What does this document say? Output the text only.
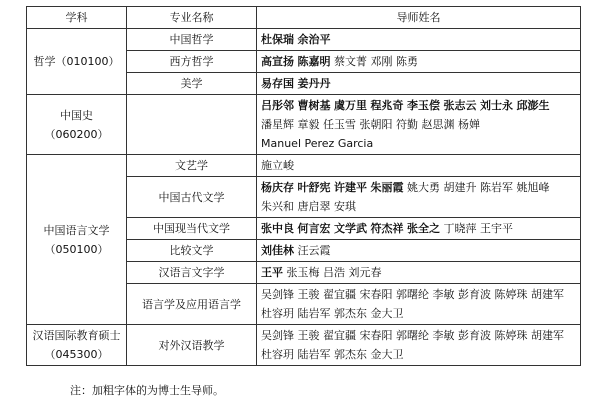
学科	专业名称	导师姓名
哲学（010100）	中国哲学	杜保瑞 余治平
	西方哲学	高宣扬 陈嘉明 蔡文菁 邓刚 陈勇
	美学	易存国 姜丹丹
中国史（060200）		吕彤邻 曹树基 虞万里 程兆奇 李玉偿 张志云 刘士永 邱澎生 潘星辉 章毅 任玉雪 张朝阳 符勤 赵思渊 杨婵 Manuel Perez Garcia
中国语言文学（050100）	文艺学	施立峻
	中国古代文学	杨庆存 叶舒宪 许建平 朱丽霞 姚大勇 胡建升 陈岩军 姚旭峰 朱兴和 唐启翠 安琪
	中国现当代文学	张中良 何言宏 文学武 符杰祥 张全之 丁晓萍 王宇平
	比较文学	刘佳林 汪云霞
	汉语言文字学	王平 张玉梅 吕浩 刘元春
	语言学及应用语言学	吴剑锋 王骏 翟宜疆 宋春阳 郭曙纶 李敏 彭育波 陈婷珠 胡建军 杜容玥 陆岩军 郭杰东 金大卫
汉语国际教育硕士（045300）	对外汉语教学	吴剑锋 王骏 翟宜疆 宋春阳 郭曙纶 李敏 彭育波 陈婷珠 胡建军 杜容玥 陆岩军 郭杰东 金大卫
注：加粗字体的为博士生导师。
